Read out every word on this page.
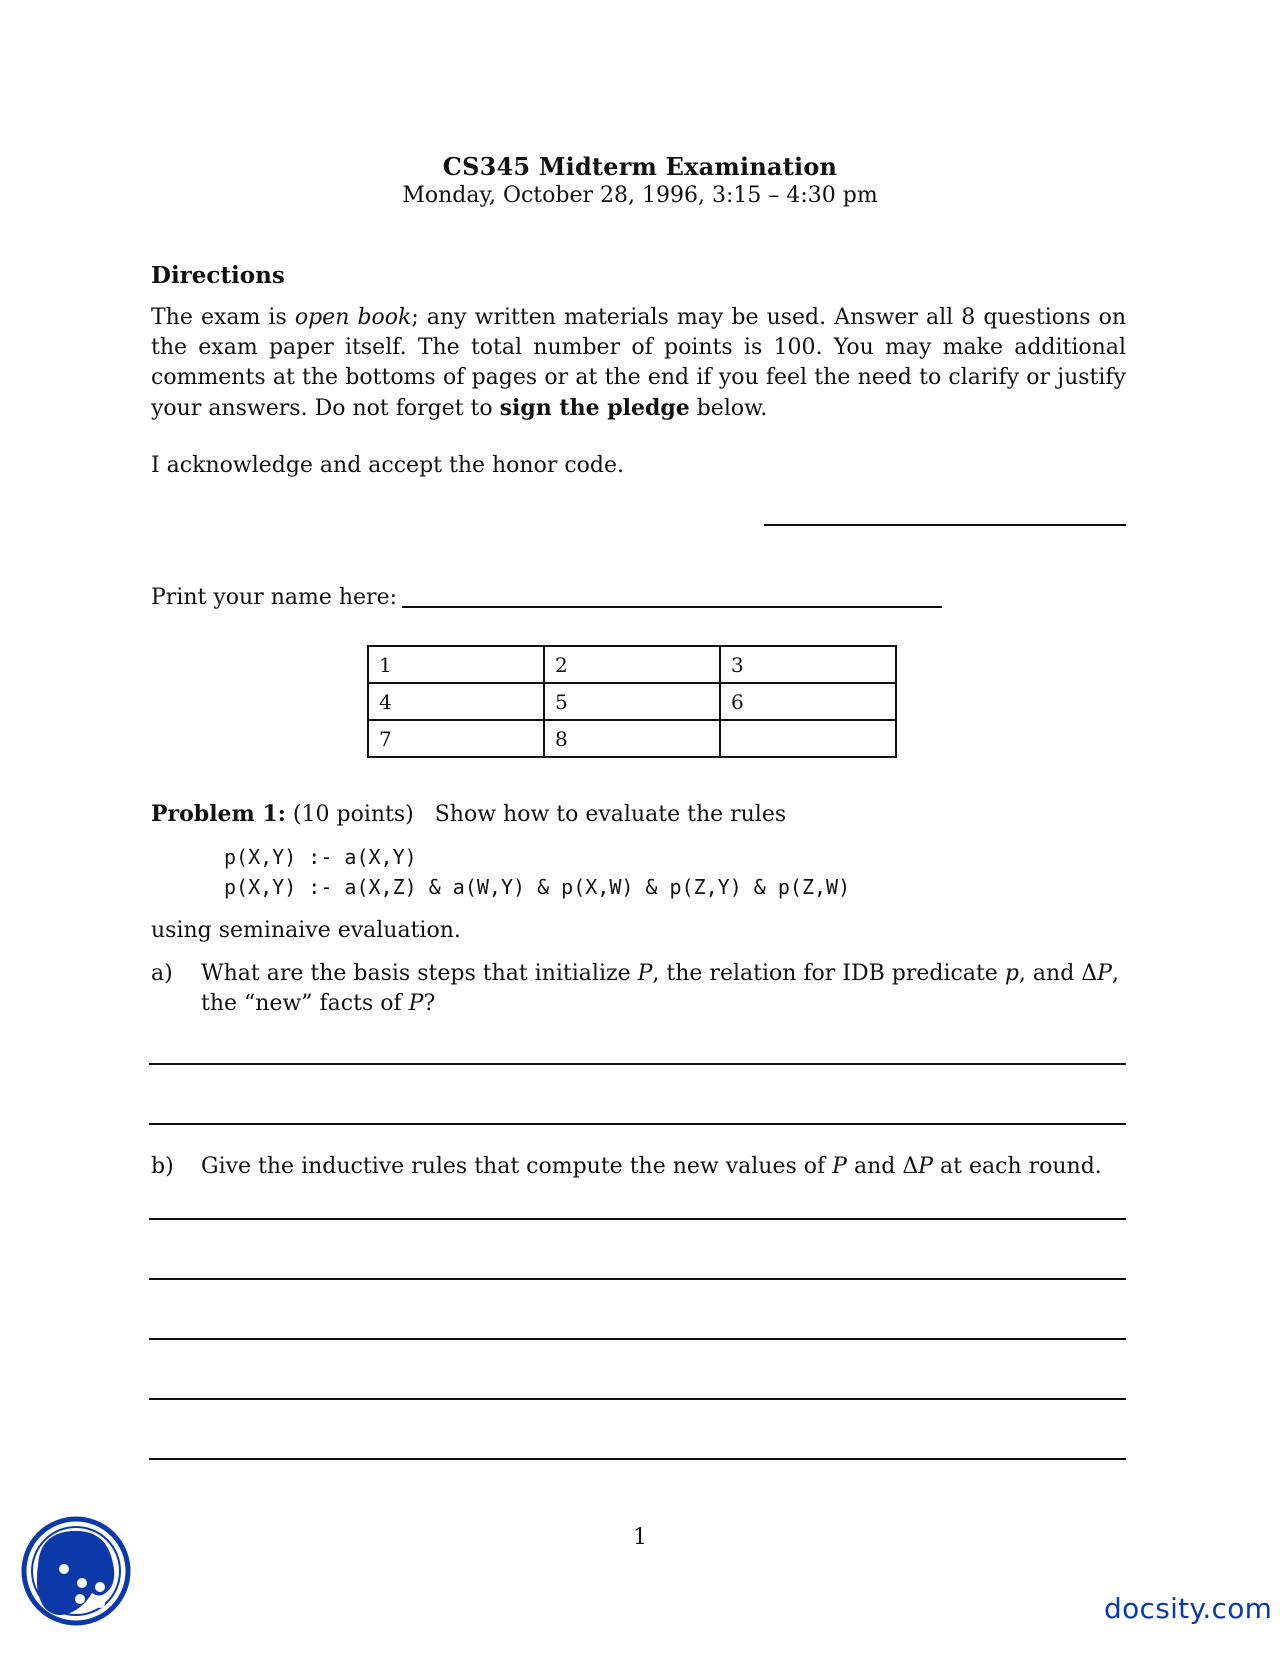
CS345 Midterm Examination
Monday, October 28, 1996, 3:15 – 4:30 pm
Directions
The exam is open book; any written materials may be used. Answer all 8 questions on the exam paper itself. The total number of points is 100. You may make additional comments at the bottoms of pages or at the end if you feel the need to clarify or justify your answers. Do not forget to sign the pledge below.
I acknowledge and accept the honor code.
Print your name here:
1	2	3
4	5	6
7	8	
Problem 1: (10 points) Show how to evaluate the rules
p(X,Y) :- a(X,Y)
p(X,Y) :- a(X,Z) & a(W,Y) & p(X,W) & p(Z,Y) & p(Z,W)
using seminaive evaluation.
a) What are the basis steps that initialize P, the relation for IDB predicate p, and ΔP, the “new” facts of P?
b) Give the inductive rules that compute the new values of P and ΔP at each round.
1
docsity.com
